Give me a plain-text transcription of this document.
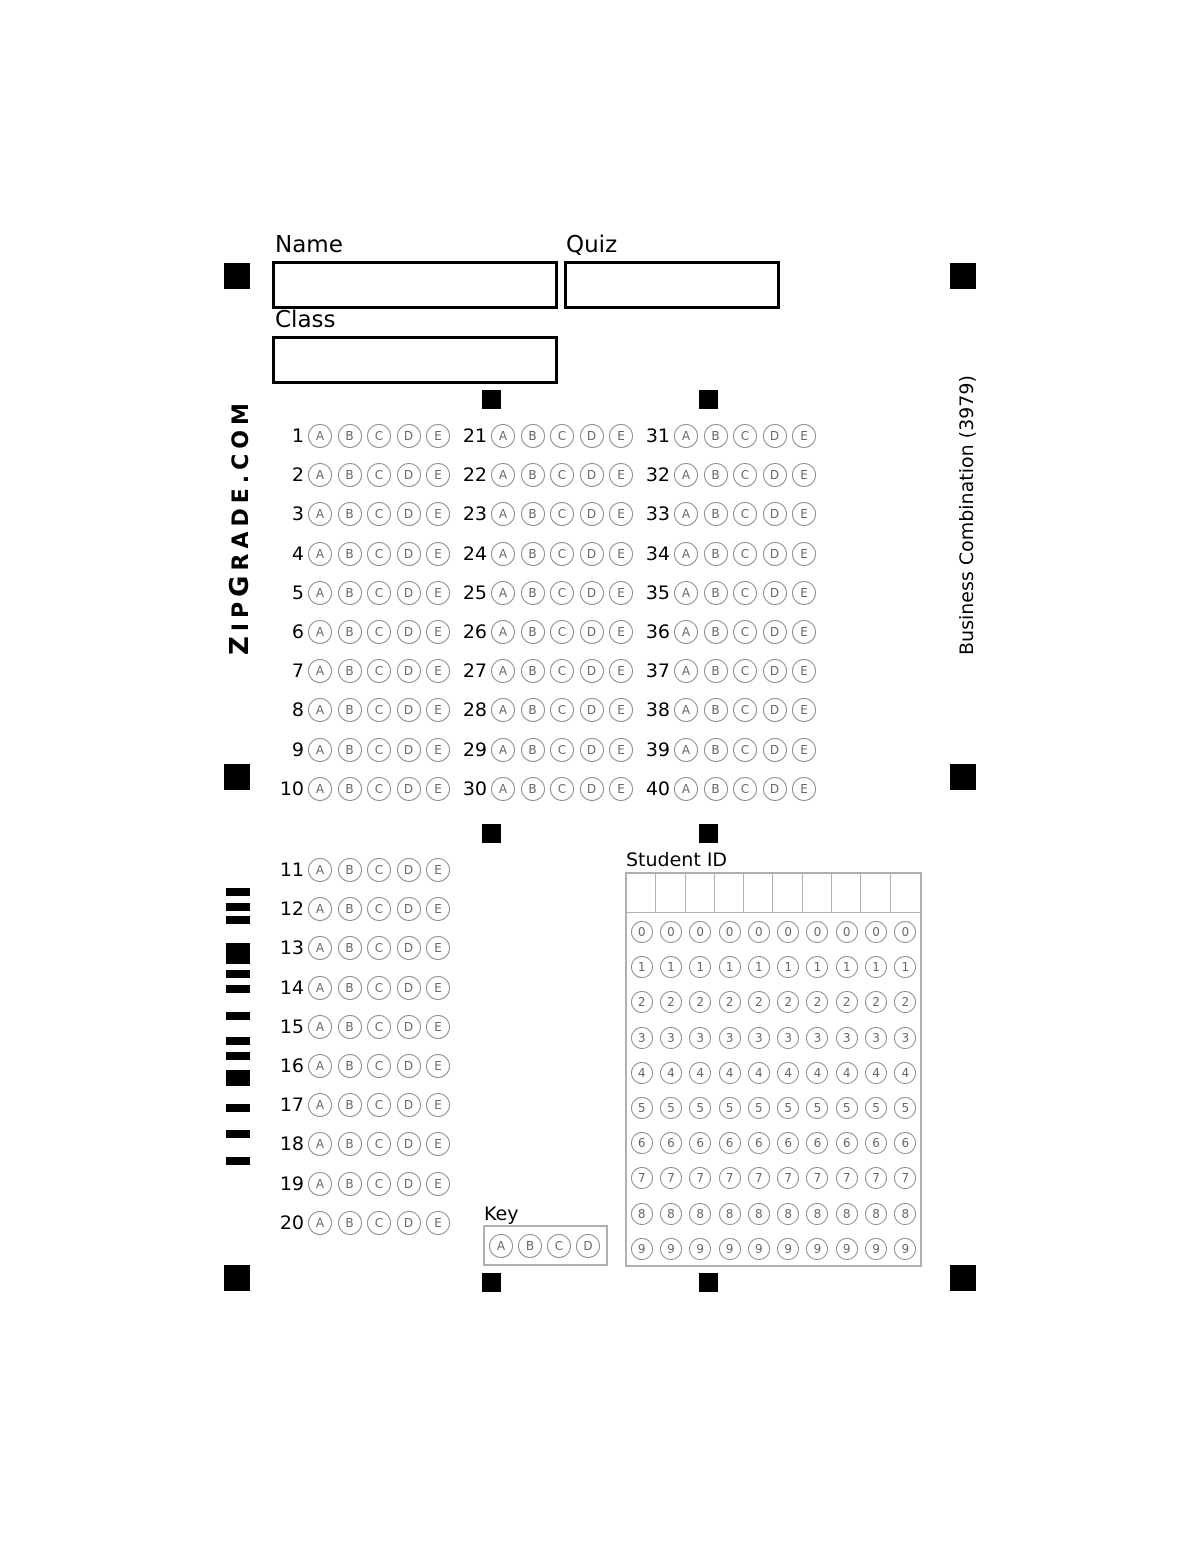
Name	Quiz
Class
ZIPGRADE.COM	Business Combination (3979)
1 A	B	C	D	E
2 A	B	C	D	E
3 A	B	C	D	E
4 A	B	C	D	E
5 A	B	C	D	E
6 A	B	C	D	E
7 A	B	C	D	E
8 A	B	C	D	E
9 A	B	C	D	E
10 A	B	C	D	E
21 A	B	C	D	E
22 A	B	C	D	E
23 A	B	C	D	E
24 A	B	C	D	E
25 A	B	C	D	E
26 A	B	C	D	E
27 A	B	C	D	E
28 A	B	C	D	E
29 A	B	C	D	E
30 A	B	C	D	E
31 A	B	C	D	E
32 A	B	C	D	E
33 A	B	C	D	E
34 A	B	C	D	E
35 A	B	C	D	E
36 A	B	C	D	E
37 A	B	C	D	E
38 A	B	C	D	E
39 A	B	C	D	E
40 A	B	C	D	E
11 A	B	C	D	E
12 A	B	C	D	E
13 A	B	C	D	E
14 A	B	C	D	E
15 A	B	C	D	E
16 A	B	C	D	E
17 A	B	C	D	E
18 A	B	C	D	E
19 A	B	C	D	E
20 A	B	C	D	E
Student ID
0	0	0	0	0	0	0	0	0	0
1	1	1	1	1	1	1	1	1	1
2	2	2	2	2	2	2	2	2	2
3	3	3	3	3	3	3	3	3	3
4	4	4	4	4	4	4	4	4	4
5	5	5	5	5	5	5	5	5	5
6	6	6	6	6	6	6	6	6	6
7	7	7	7	7	7	7	7	7	7
8	8	8	8	8	8	8	8	8	8
9	9	9	9	9	9	9	9	9	9
Key
A	B	C	D
